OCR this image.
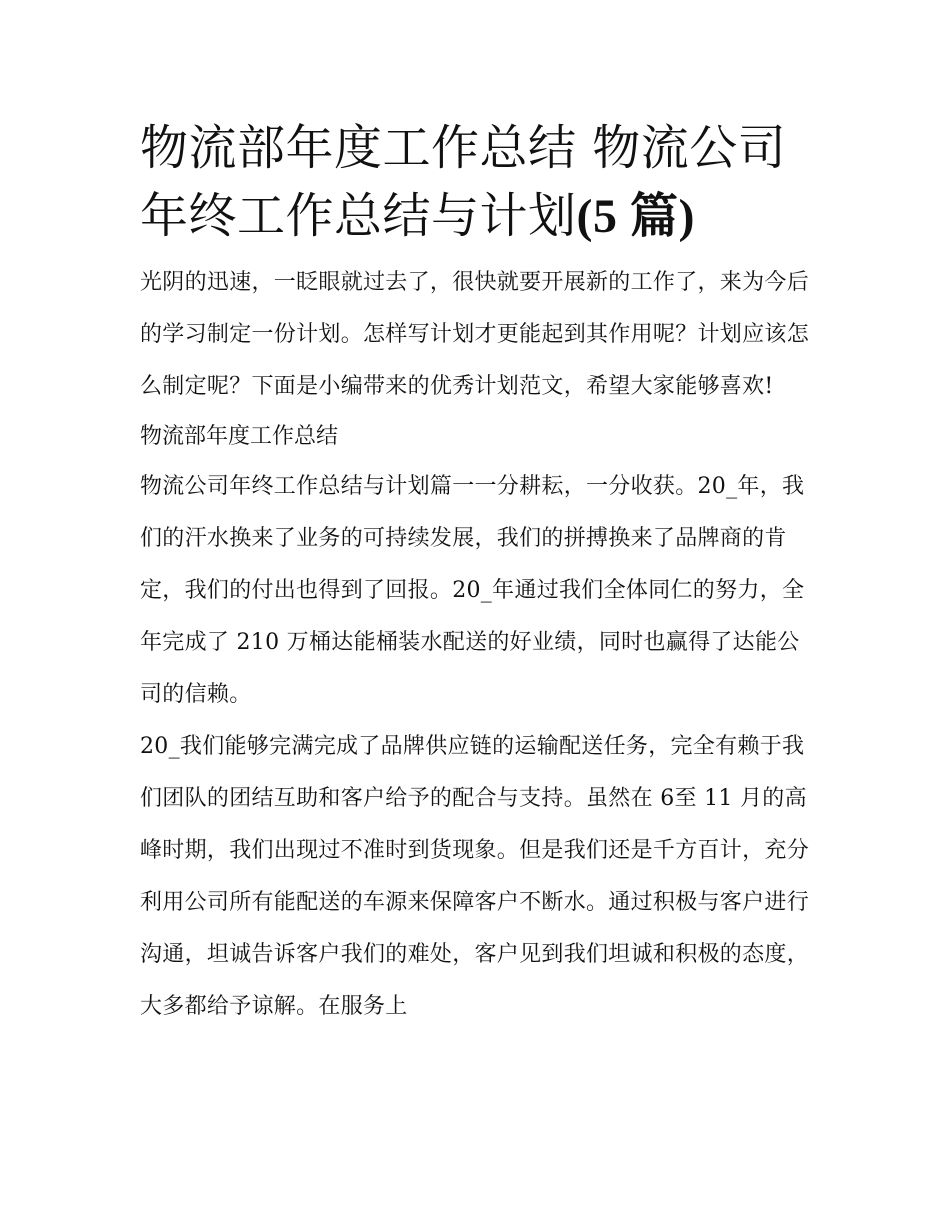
物流部年度工作总结 物流公司年终工作总结与计划(5 篇)

光阴的迅速，一眨眼就过去了，很快就要开展新的工作了，来为今后的学习制定一份计划。怎样写计划才更能起到其作用呢？计划应该怎么制定呢？下面是小编带来的优秀计划范文，希望大家能够喜欢!

物流部年度工作总结

物流公司年终工作总结与计划篇一一分耕耘，一分收获。20_年，我们的汗水换来了业务的可持续发展，我们的拼搏换来了品牌商的肯定，我们的付出也得到了回报。20_年通过我们全体同仁的努力，全年完成了 210 万桶达能桶装水配送的好业绩，同时也赢得了达能公司的信赖。

20_我们能够完满完成了品牌供应链的运输配送任务，完全有赖于我们团队的团结互助和客户给予的配合与支持。虽然在 6至 11 月的高峰时期，我们出现过不准时到货现象。但是我们还是千方百计，充分利用公司所有能配送的车源来保障客户不断水。通过积极与客户进行沟通，坦诚告诉客户我们的难处，客户见到我们坦诚和积极的态度，大多都给予谅解。在服务上
